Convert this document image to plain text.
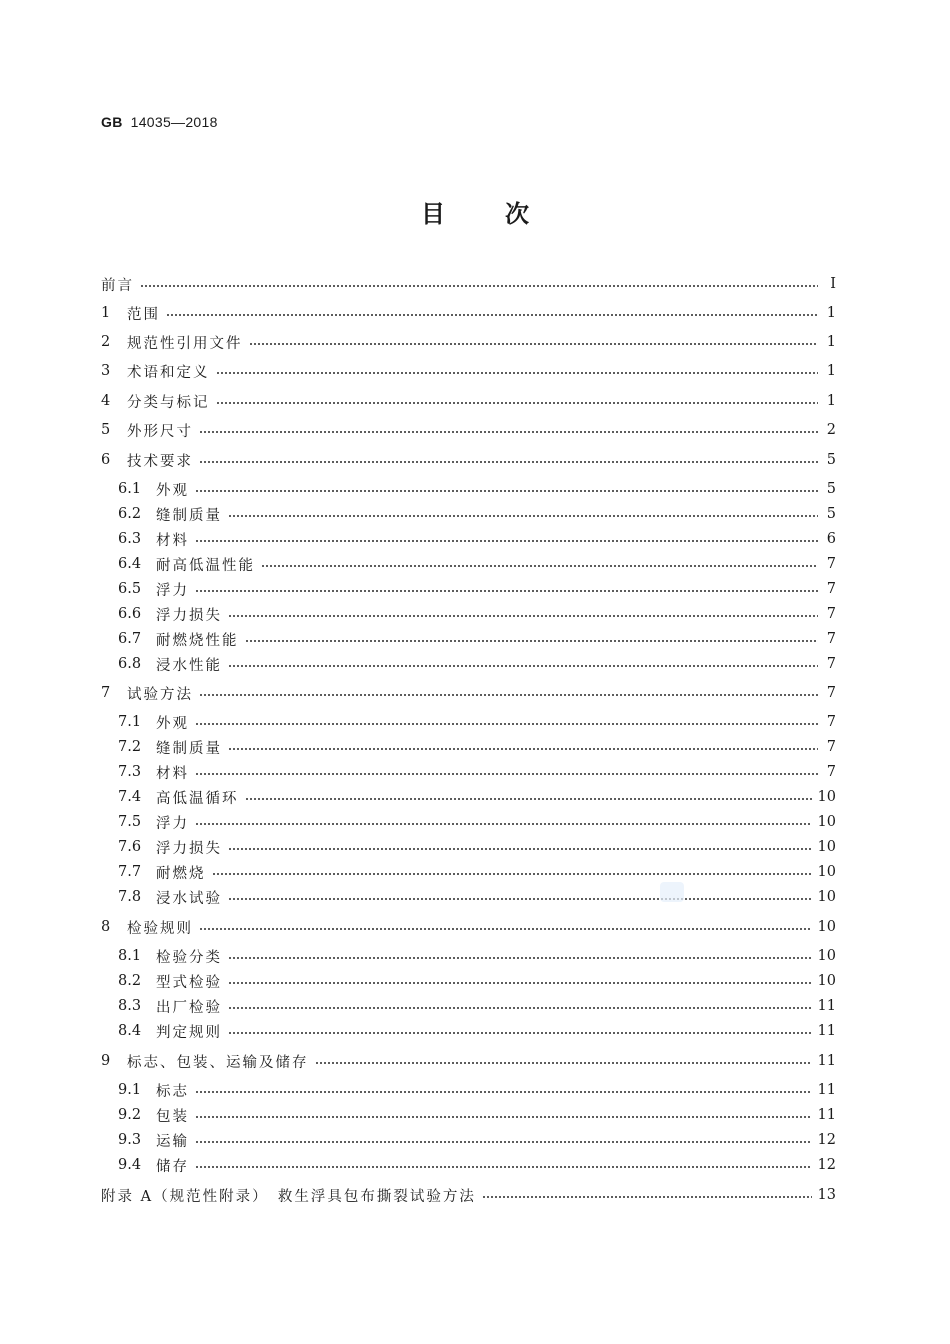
GB 14035—2018
目	次
前言	I
1	范围	1
2	规范性引用文件	1
3	术语和定义	1
4	分类与标记	1
5	外形尺寸	2
6	技术要求	5
6.1	外观	5
6.2	缝制质量	5
6.3	材料	6
6.4	耐高低温性能	7
6.5	浮力	7
6.6	浮力损失	7
6.7	耐燃烧性能	7
6.8	浸水性能	7
7	试验方法	7
7.1	外观	7
7.2	缝制质量	7
7.3	材料	7
7.4	高低温循环	10
7.5	浮力	10
7.6	浮力损失	10
7.7	耐燃烧	10
7.8	浸水试验	10
8	检验规则	10
8.1	检验分类	10
8.2	型式检验	10
8.3	出厂检验	11
8.4	判定规则	11
9	标志、包装、运输及储存	11
9.1	标志	11
9.2	包装	11
9.3	运输	12
9.4	储存	12
附录 A（规范性附录）　救生浮具包布撕裂试验方法	13
